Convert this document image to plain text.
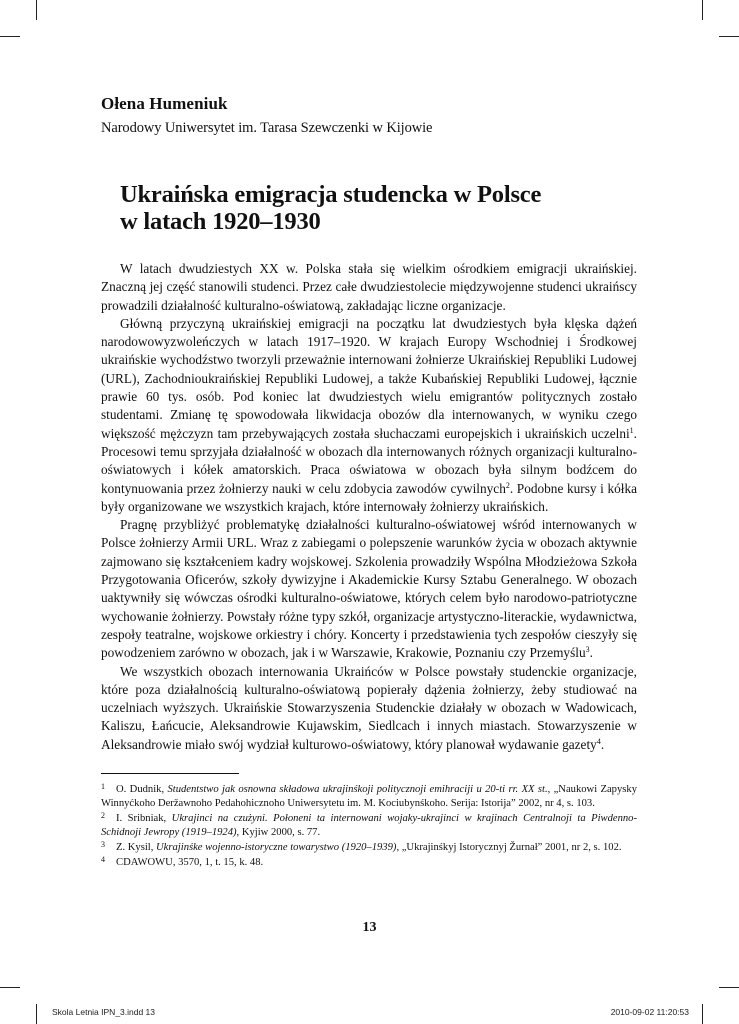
Ołena Humeniuk
Narodowy Uniwersytet im. Tarasa Szewczenki w Kijowie
Ukraińska emigracja studencka w Polsce
w latach 1920–1930

W latach dwudziestych XX w. Polska stała się wielkim ośrodkiem emigracji ukraińskiej. Znaczną jej część stanowili studenci. Przez całe dwudziestolecie międzywojenne studenci ukraińscy prowadzili działalność kulturalno-oświatową, zakładając liczne organizacje.

Główną przyczyną ukraińskiej emigracji na początku lat dwudziestych była klęska dążeń narodowowyzwoleńczych w latach 1917–1920. W krajach Europy Wschodniej i Środkowej ukraińskie wychodźstwo tworzyli przeważnie internowani żołnierze Ukraińskiej Republiki Ludowej (URL), Zachodnioukraińskiej Republiki Ludowej, a także Kubańskiej Republiki Ludowej, łącznie prawie 60 tys. osób. Pod koniec lat dwudziestych wielu emigrantów politycznych zostało studentami. Zmianę tę spowodowała likwidacja obozów dla internowanych, w wyniku czego większość mężczyzn tam przebywających została słuchaczami europejskich i ukraińskich uczelni$^1$. Procesowi temu sprzyjała działalność w obozach dla internowanych różnych organizacji kulturalno-oświatowych i kółek amatorskich. Praca oświatowa w obozach była silnym bodźcem do kontynuowania przez żołnierzy nauki w celu zdobycia zawodów cywilnych$^2$. Podobne kursy i kółka były organizowane we wszystkich krajach, które internowały żołnierzy ukraińskich.

Pragnę przybliżyć problematykę działalności kulturalno-oświatowej wśród internowanych w Polsce żołnierzy Armii URL. Wraz z zabiegami o polepszenie warunków życia w obozach aktywnie zajmowano się kształceniem kadry wojskowej. Szkolenia prowadziły Wspólna Młodzieżowa Szkoła Przygotowania Oficerów, szkoły dywizyjne i Akademickie Kursy Sztabu Generalnego. W obozach uaktywniły się wówczas ośrodki kulturalno-oświatowe, których celem było narodowo-patriotyczne wychowanie żołnierzy. Powstały różne typy szkół, organizacje artystyczno-literackie, wydawnictwa, zespoły teatralne, wojskowe orkiestry i chóry. Koncerty i przedstawienia tych zespołów cieszyły się powodzeniem zarówno w obozach, jak i w Warszawie, Krakowie, Poznaniu czy Przemyślu$^3$.

We wszystkich obozach internowania Ukraińców w Polsce powstały studenckie organizacje, które poza działalnością kulturalno-oświatową popierały dążenia żołnierzy, żeby studiować na uczelniach wyższych. Ukraińskie Stowarzyszenia Studenckie działały w obozach w Wadowicach, Kaliszu, Łańcucie, Aleksandrowie Kujawskim, Siedlcach i innych miastach. Stowarzyszenie w Aleksandrowie miało swój wydział kulturowo-oświatowy, który planował wydawanie gazety$^4$.

1 O. Dudnik, Studentstwo jak osnowna składowa ukrajinśkoji politycznoji emihraciji u 20-ti rr. XX st., „Naukowi Zapysky Winnyćkoho Deržawnoho Pedahohicznoho Uniwersytetu im. M. Kociubynśkoho. Serija: Istorija” 2002, nr 4, s. 103.

2 I. Sribniak, Ukrajinci na czużyni. Połoneni ta internowani wojaky-ukrajinci w krajinach Centralnoji ta Piwdenno-Schidnoji Jewropy (1919–1924), Kyjiw 2000, s. 77.

3 Z. Kysil, Ukrajinśke wojenno-istoryczne towarystwo (1920–1939), „Ukrajinśkyj Istorycznyj Žurnał” 2001, nr 2, s. 102.

4 CDAWOWU, 3570, 1, t. 15, k. 48.

13
Skola Letnia IPN_3.indd 13	2010-09-02 11:20:53
